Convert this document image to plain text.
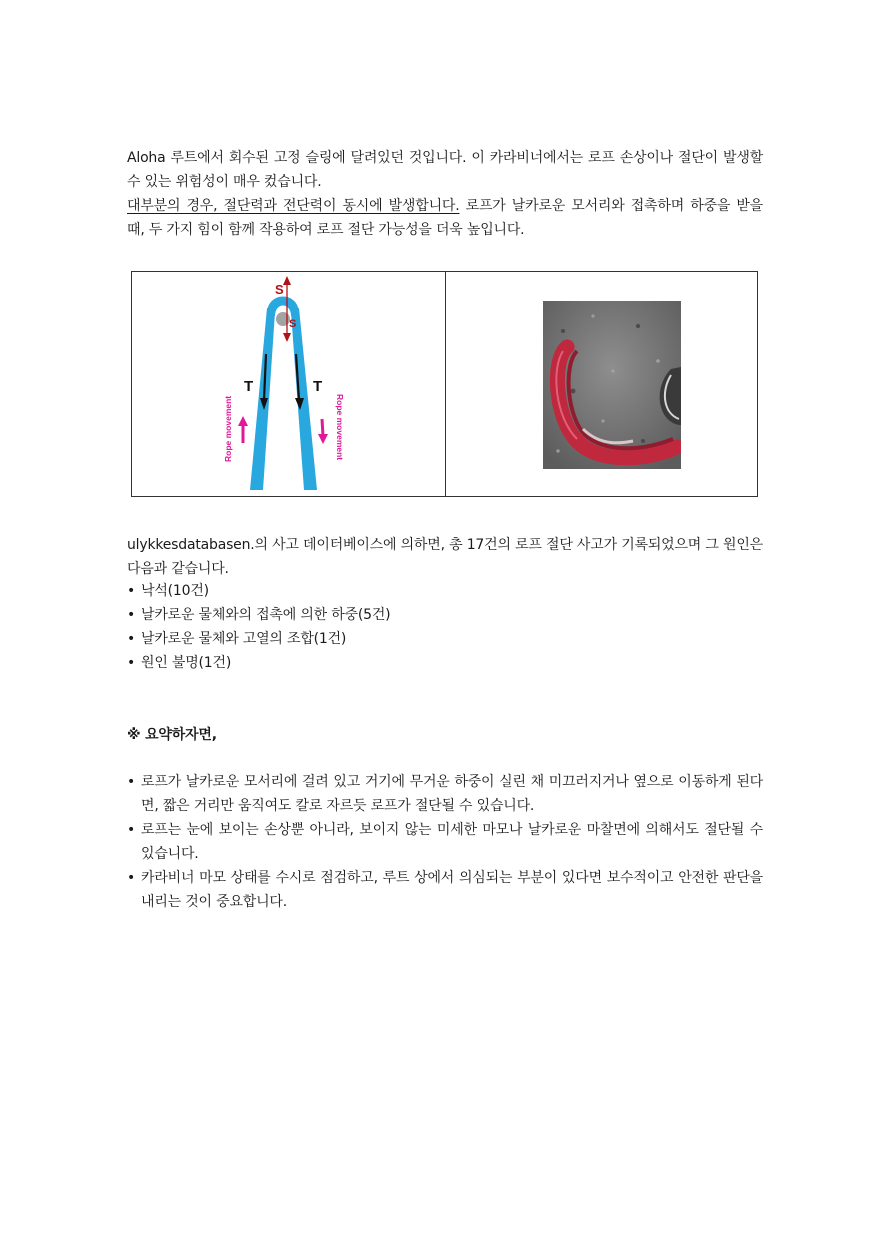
Aloha 루트에서 회수된 고정 슬링에 달려있던 것입니다. 이 카라비너에서는 로프 손상이나 절단이 발생할 수 있는 위험성이 매우 컸습니다.
대부분의 경우, 절단력과 전단력이 동시에 발생합니다. 로프가 날카로운 모서리와 접촉하며 하중을 받을 때, 두 가지 힘이 함께 작용하여 로프 절단 가능성을 더욱 높입니다.

S
S
T	T
Rope movement	Rope movement

ulykkesdatabasen.의 사고 데이터베이스에 의하면, 총 17건의 로프 절단 사고가 기록되었으며 그 원인은 다음과 같습니다.

• 낙석(10건)
• 날카로운 물체와의 접촉에 의한 하중(5건)
• 날카로운 물체와 고열의 조합(1건)
• 원인 불명(1건)
※ 요약하자면,
• 로프가 날카로운 모서리에 걸려 있고 거기에 무거운 하중이 실린 채 미끄러지거나 옆으로 이동하게 된다면, 짧은 거리만 움직여도 칼로 자르듯 로프가 절단될 수 있습니다.
• 로프는 눈에 보이는 손상뿐 아니라, 보이지 않는 미세한 마모나 날카로운 마찰면에 의해서도 절단될 수 있습니다.
• 카라비너 마모 상태를 수시로 점검하고, 루트 상에서 의심되는 부분이 있다면 보수적이고 안전한 판단을 내리는 것이 중요합니다.
